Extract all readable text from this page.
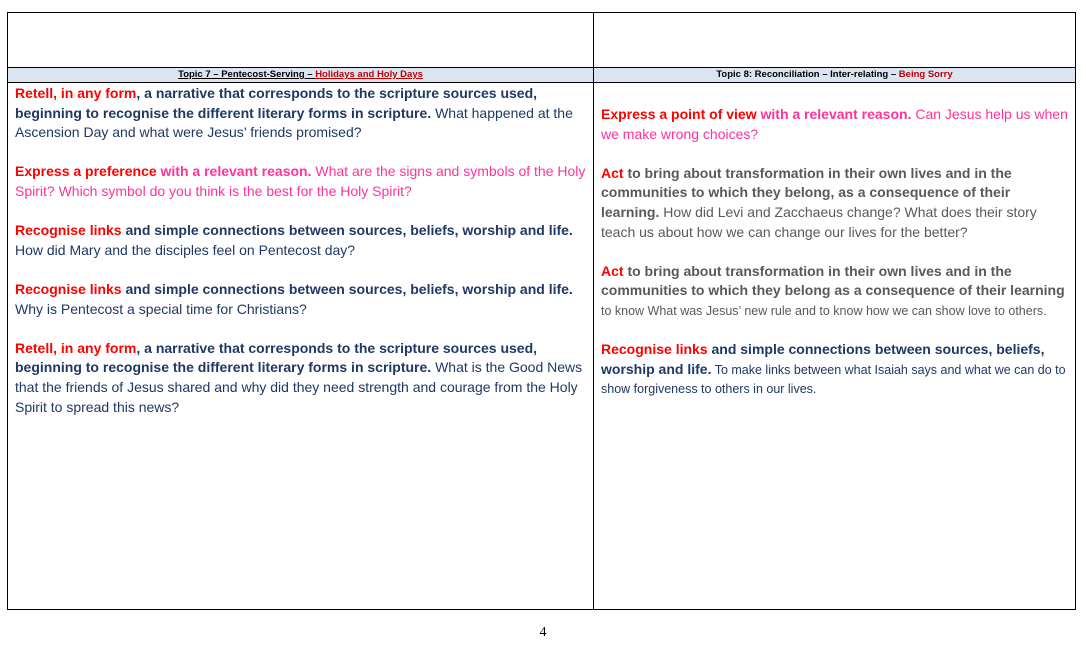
Topic 7 – Pentecost-Serving – Holidays and Holy Days	Topic 8: Reconciliation – Inter-relating – Being Sorry
Retell, in any form, a narrative that corresponds to the scripture sources used, beginning to recognise the different literary forms in scripture. What happened at the Ascension Day and what were Jesus’ friends promised?
Express a preference with a relevant reason. What are the signs and symbols of the Holy Spirit? Which symbol do you think is the best for the Holy Spirit?
Recognise links and simple connections between sources, beliefs, worship and life. How did Mary and the disciples feel on Pentecost day?
Recognise links and simple connections between sources, beliefs, worship and life. Why is Pentecost a special time for Christians?
Retell, in any form, a narrative that corresponds to the scripture sources used, beginning to recognise the different literary forms in scripture. What is the Good News that the friends of Jesus shared and why did they need strength and courage from the Holy Spirit to spread this news?
Express a point of view with a relevant reason. Can Jesus help us when we make wrong choices?
Act to bring about transformation in their own lives and in the communities to which they belong, as a consequence of their learning. How did Levi and Zacchaeus change? What does their story teach us about how we can change our lives for the better?
Act to bring about transformation in their own lives and in the communities to which they belong as a consequence of their learning to know What was Jesus’ new rule and to know how we can show love to others.
Recognise links and simple connections between sources, beliefs, worship and life. To make links between what Isaiah says and what we can do to show forgiveness to others in our lives.
4
